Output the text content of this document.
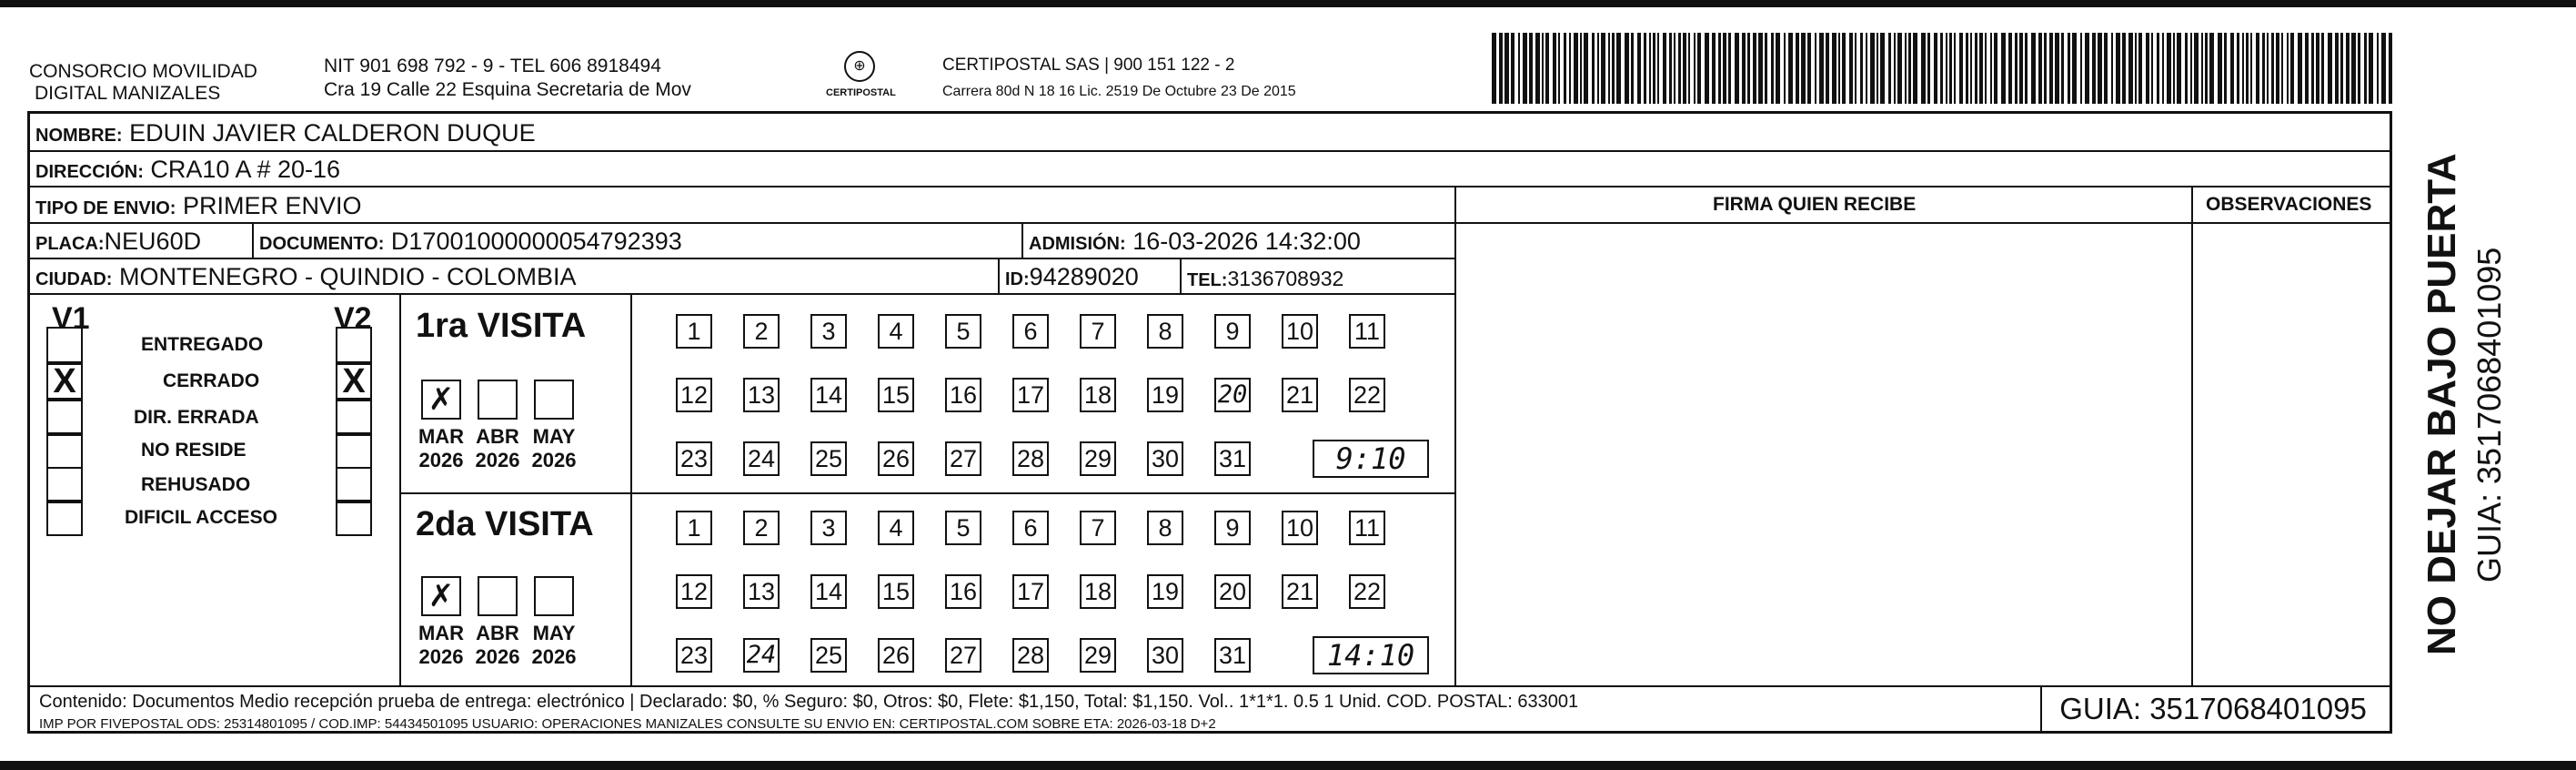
CONSORCIO MOVILIDAD
DIGITAL MANIZALES
NIT 901 698 792 - 9 - TEL 606 8918494
Cra 19 Calle 22 Esquina Secretaria de Mov
⊕
CERTIPOSTAL
CERTIPOSTAL SAS | 900 151 122 - 2
Carrera 80d N 18 16 Lic. 2519 De Octubre 23 De 2015
NOMBRE: EDUIN JAVIER CALDERON DUQUE
DIRECCIÓN: CRA10 A # 20-16
TIPO DE ENVIO: PRIMER ENVIO
PLACA:NEU60D	DOCUMENTO: D17001000000054792393	ADMISIÓN: 16-03-2026 14:32:00
CIUDAD: MONTENEGRO - QUINDIO - COLOMBIA	ID:94289020	TEL:3136708932
FIRMA QUIEN RECIBE	OBSERVACIONES
V1	V2
ENTREGADO
X	CERRADO X
DIR. ERRADA
NO RESIDE
REHUSADO
DIFICIL ACCESO
1ra VISITA
2da VISITA
✗
MAR
2026
ABR
2026
MAY
2026
1	2	3	4	5	6	7	8	9	10 11
12 13 14 15 16 17 18 19 20 21 22
23 24 25 26 27 28 29 30 31	9:10
✗
MAR
2026
ABR
2026
MAY
2026
1	2	3	4	5	6	7	8	9	10 11
12 13 14 15 16 17 18 19 20 21 22
23 24 25 26 27 28 29 30 31	14:10
Contenido: Documentos Medio recepción prueba de entrega: electrónico | Declarado: $0, % Seguro: $0, Otros: $0, Flete: $1,150, Total: $1,150. Vol.. 1*1*1. 0.5 1 Unid. COD. POSTAL: 633001
IMP POR FIVEPOSTAL ODS: 25314801095 / COD.IMP: 54434501095 USUARIO: OPERACIONES MANIZALES CONSULTE SU ENVIO EN: CERTIPOSTAL.COM SOBRE ETA: 2026-03-18 D+2	GUIA: 3517068401095
NO DEJAR BAJO PUERTA GUIA: 3517068401095
